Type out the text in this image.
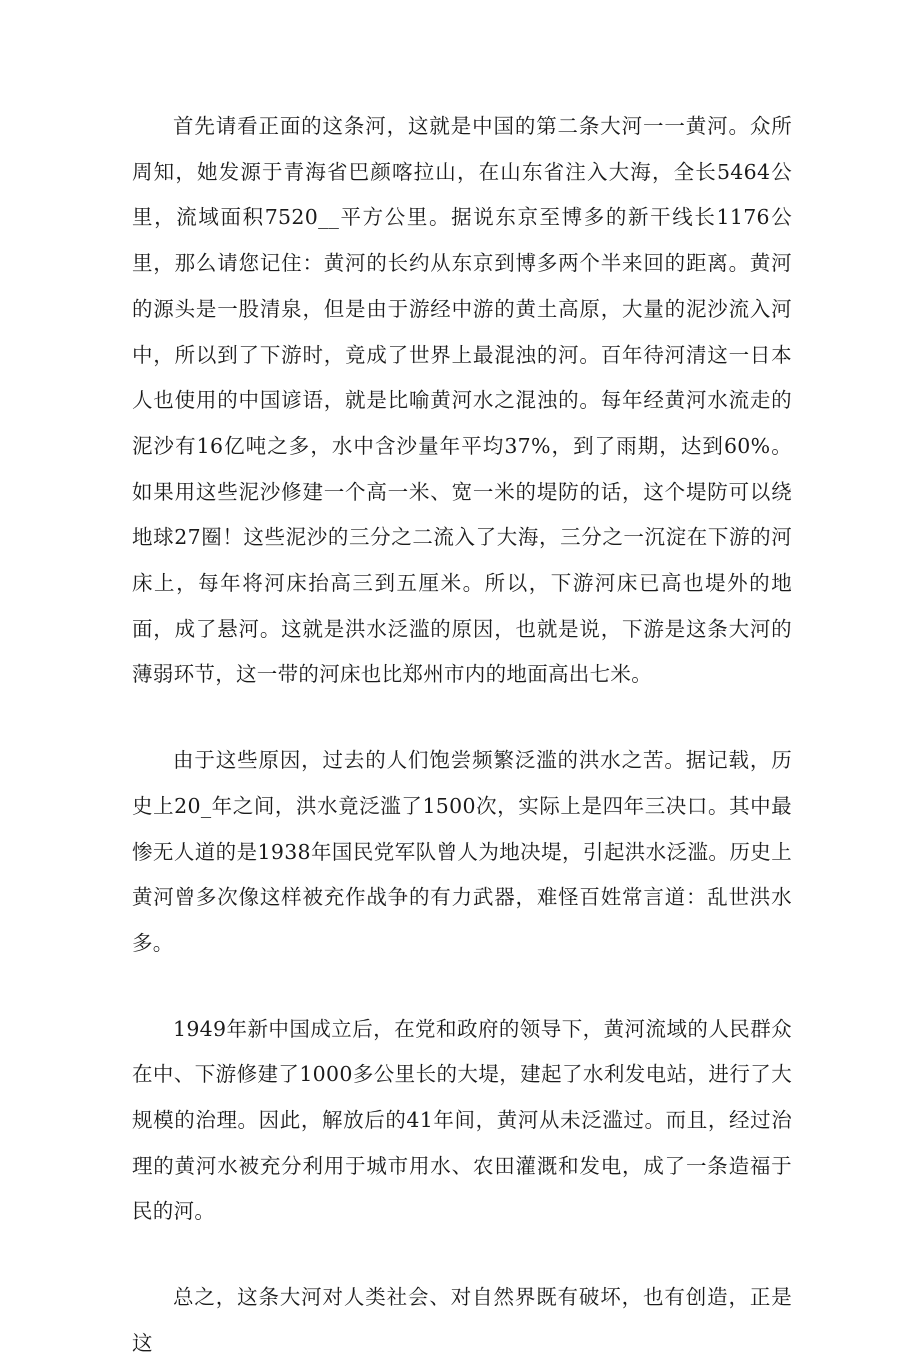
首先请看正面的这条河，这就是中国的第二条大河一一黄河。众所周知，她发源于青海省巴颜喀拉山，在山东省注入大海，全长5464公里，流域面积7520__平方公里。据说东京至博多的新干线长1176公里，那么请您记住：黄河的长约从东京到博多两个半来回的距离。黄河的源头是一股清泉，但是由于游经中游的黄土高原，大量的泥沙流入河中，所以到了下游时，竟成了世界上最混浊的河。百年待河清这一日本人也使用的中国谚语，就是比喻黄河水之混浊的。每年经黄河水流走的泥沙有16亿吨之多，水中含沙量年平均37%，到了雨期，达到60%。如果用这些泥沙修建一个高一米、宽一米的堤防的话，这个堤防可以绕地球27圈！这些泥沙的三分之二流入了大海，三分之一沉淀在下游的河床上，每年将河床抬高三到五厘米。所以，下游河床已高也堤外的地面，成了悬河。这就是洪水泛滥的原因，也就是说，下游是这条大河的薄弱环节，这一带的河床也比郑州市内的地面高出七米。

由于这些原因，过去的人们饱尝频繁泛滥的洪水之苦。据记载，历史上20_年之间，洪水竟泛滥了1500次，实际上是四年三决口。其中最惨无人道的是1938年国民党军队曾人为地决堤，引起洪水泛滥。历史上黄河曾多次像这样被充作战争的有力武器，难怪百姓常言道：乱世洪水多。

1949年新中国成立后，在党和政府的领导下，黄河流域的人民群众在中、下游修建了1000多公里长的大堤，建起了水利发电站，进行了大规模的治理。因此，解放后的41年间，黄河从未泛滥过。而且，经过治理的黄河水被充分利用于城市用水、农田灌溉和发电，成了一条造福于民的河。

总之，这条大河对人类社会、对自然界既有破坏，也有创造，正是这
